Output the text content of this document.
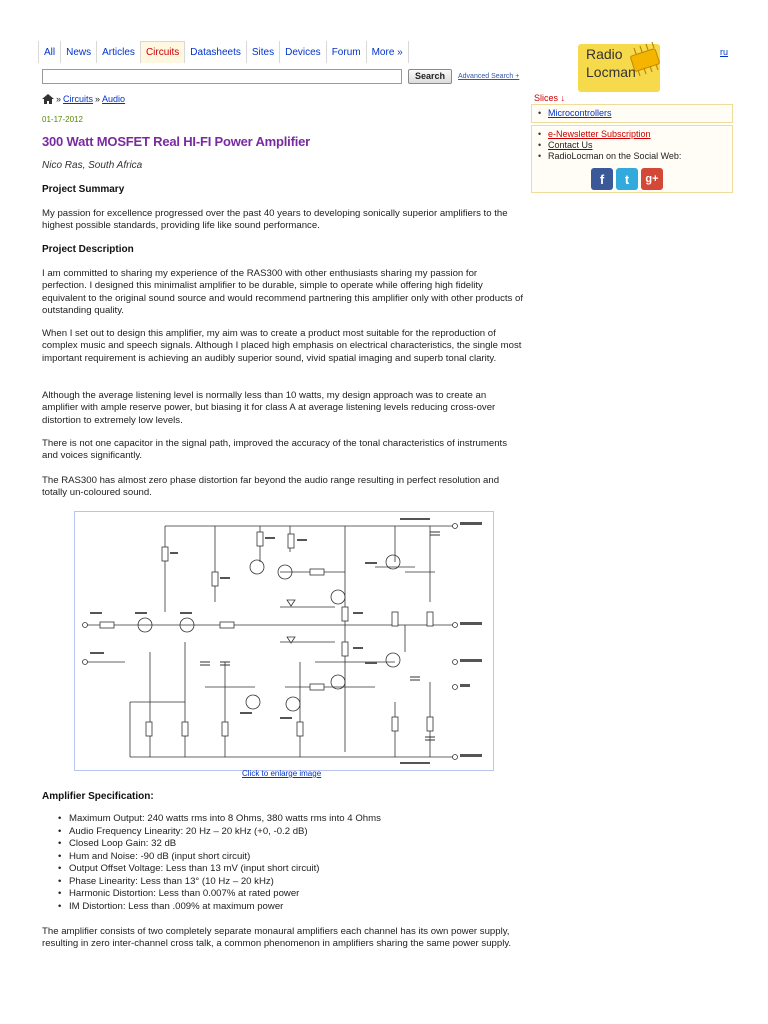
All	News	Articles	Circuits	Datasheets	Sites	Devices	Forum	More »
Search	Advanced Search +
Radio
Locman
ru
» Circuits » Audio
01-17-2012
300 Watt MOSFET Real HI-FI Power Amplifier
Nico Ras, South Africa
Project Summary
My passion for excellence progressed over the past 40 years to developing sonically superior amplifiers to the highest possible standards, providing life like sound performance.
Project Description
I am committed to sharing my experience of the RAS300 with other enthusiasts sharing my passion for perfection. I designed this minimalist amplifier to be durable, simple to operate while offering high fidelity equivalent to the original sound source and would recommend partnering this amplifier only with other products of outstanding quality.
When I set out to design this amplifier, my aim was to create a product most suitable for the reproduction of complex music and speech signals. Although I placed high emphasis on electrical characteristics, the single most important requirement is achieving an audibly superior sound, vivid spatial imaging and superb tonal clarity.
Although the average listening level is normally less than 10 watts, my design approach was to create an amplifier with ample reserve power, but biasing it for class A at average listening levels reducing cross-over distortion to extremely low levels.
There is not one capacitor in the signal path, improved the accuracy of the tonal characteristics of instruments and voices significantly.
The RAS300 has almost zero phase distortion far beyond the audio range resulting in perfect resolution and totally un-coloured sound.
Click to enlarge image
Amplifier Specification:
• Maximum Output: 240 watts rms into 8 Ohms, 380 watts rms into 4 Ohms
• Audio Frequency Linearity: 20 Hz – 20 kHz (+0, -0.2 dB)
• Closed Loop Gain: 32 dB
• Hum and Noise: -90 dB (input short circuit)
• Output Offset Voltage: Less than 13 mV (input short circuit)
• Phase Linearity: Less than 13° (10 Hz – 20 kHz)
• Harmonic Distortion: Less than 0.007% at rated power
• IM Distortion: Less than .009% at maximum power
The amplifier consists of two completely separate monaural amplifiers each channel has its own power supply, resulting in zero inter-channel cross talk, a common phenomenon in amplifiers sharing the same power supply.
Slices ↓
• Microcontrollers
• e-Newsletter Subscription
• Contact Us
• RadioLocman on the Social Web:
f	t	g+
